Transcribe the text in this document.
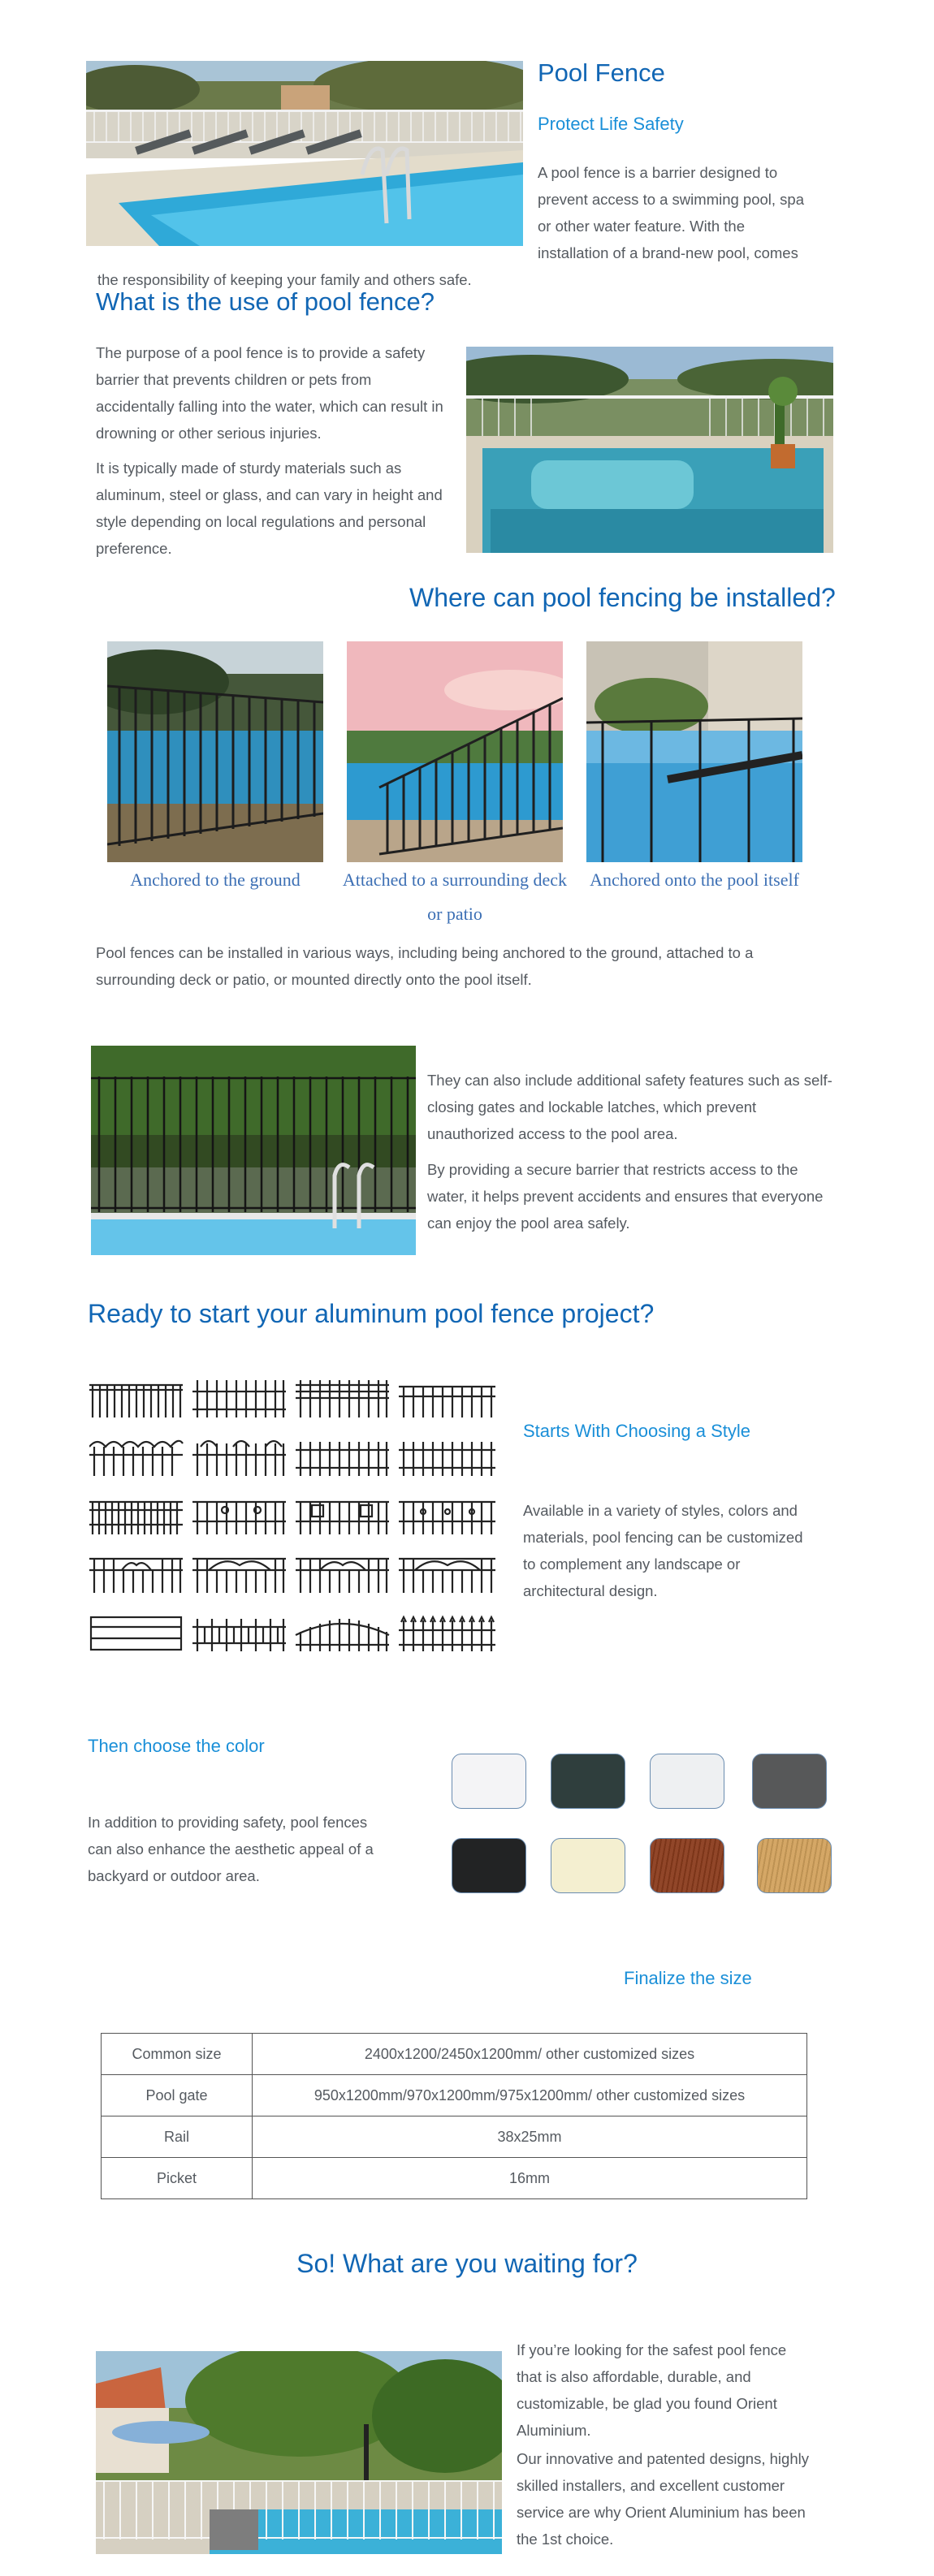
Pool Fence
Protect Life Safety
A pool fence is a barrier designed to prevent access to a swimming pool, spa or other water feature. With the installation of a brand-new pool, comes the responsibility of keeping your family and others safe.
What is the use of pool fence?
The purpose of a pool fence is to provide a safety barrier that prevents children or pets from accidentally falling into the water, which can result in drowning or other serious injuries.
It is typically made of sturdy materials such as aluminum, steel or glass, and can vary in height and style depending on local regulations and personal preference.
Where can pool fencing be installed?
Anchored to the ground	Attached to a surrounding deck or patio
Anchored onto the pool itself
Pool fences can be installed in various ways, including being anchored to the ground, attached to a surrounding deck or patio, or mounted directly onto the pool itself.
They can also include additional safety features such as self-closing gates and lockable latches, which prevent unauthorized access to the pool area.
By providing a secure barrier that restricts access to the water, it helps prevent accidents and ensures that everyone can enjoy the pool area safely.
Ready to start your aluminum pool fence project?
Starts With Choosing a Style
Available in a variety of styles, colors and materials, pool fencing can be customized to complement any landscape or architectural design.
Then choose the color
In addition to providing safety, pool fences can also enhance the aesthetic appeal of a backyard or outdoor area.
Finalize the size
Common size	2400x1200/2450x1200mm/ other customized sizes
Pool gate	950x1200mm/970x1200mm/975x1200mm/ other customized sizes
Rail	38x25mm
Picket	16mm
So! What are you waiting for?
If you’re looking for the safest pool fence that is also affordable, durable, and customizable, be glad you found Orient Aluminium.
Our innovative and patented designs, highly skilled installers, and excellent customer service are why Orient Aluminium has been the 1st choice.
